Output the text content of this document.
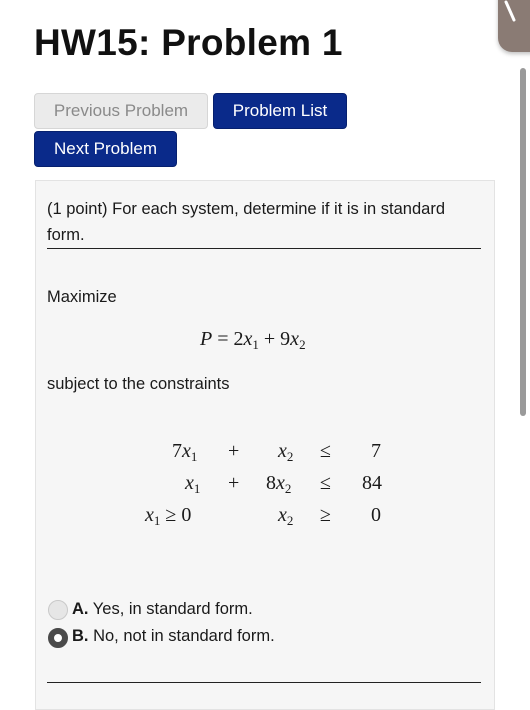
HW15: Problem 1
Previous Problem	Problem List
Next Problem
(1 point) For each system, determine if it is in standard form.
Maximize
$P = 2x_1 + 9x_2$
subject to the constraints
$7x_1 + x_2 \le 7$
$x_1 + 8x_2 \le 84$
$x_1 \ge 0$	$x_2 \ge 0$
A. Yes, in standard form.
B. No, not in standard form.
